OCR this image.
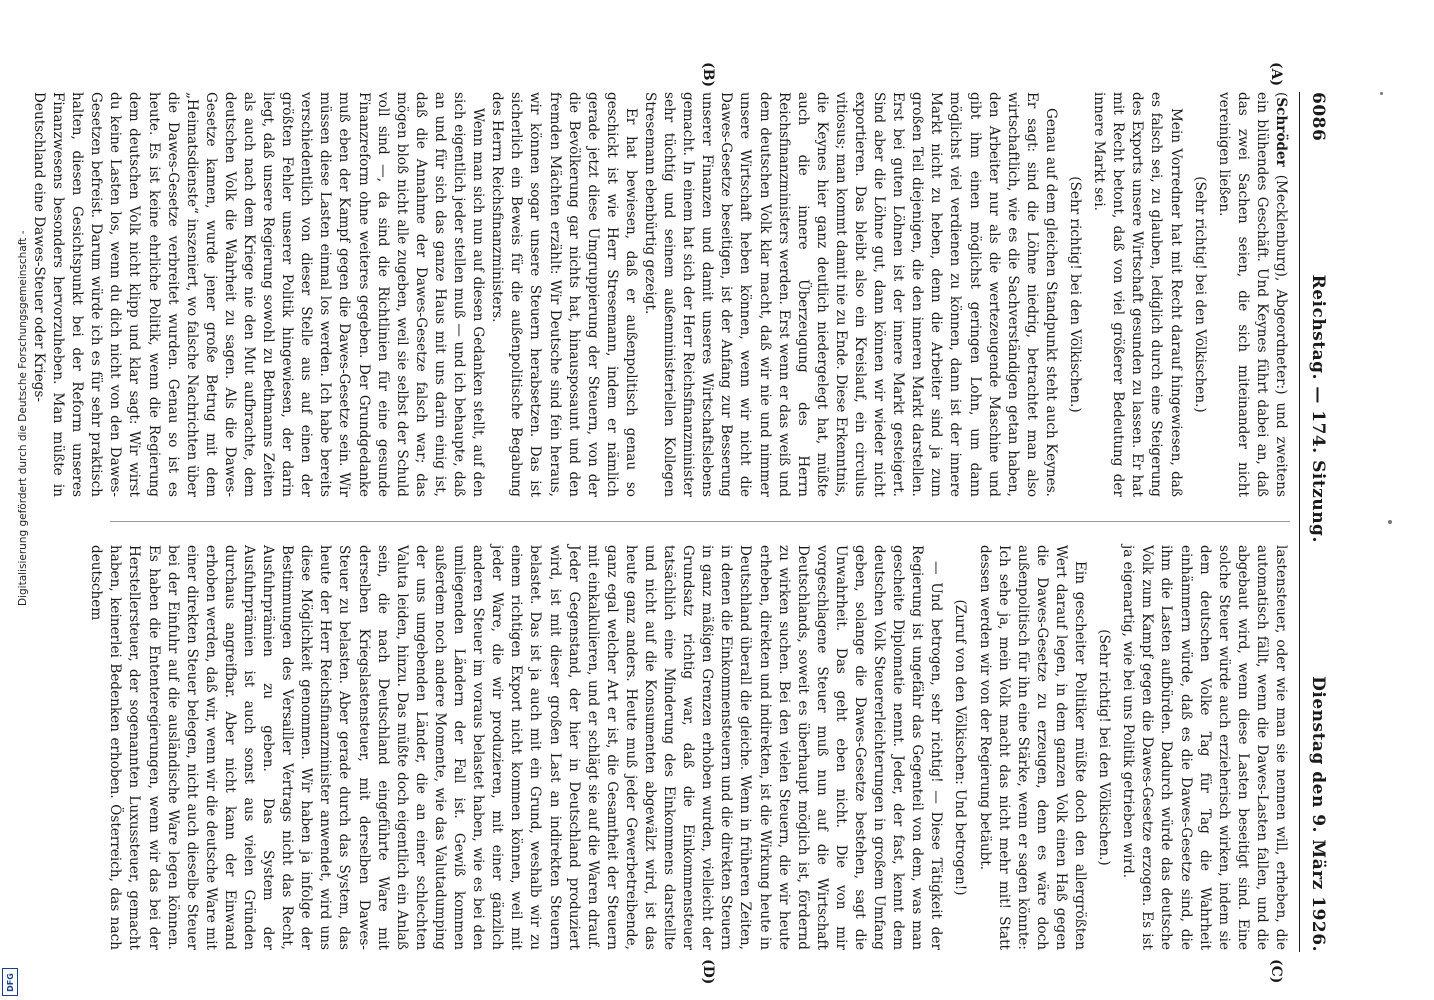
6086
Reichstag. — 174. Sitzung.
Dienstag den 9. März 1926.
(A)
(B)
(C)
(D)

(Schröder (Mecklenburg), Abgeordneter:) und zweitens ein blühendes Geschäft. Und Keynes führt dabei an, daß das zwei Sachen seien, die sich miteinander nicht vereinigen ließen.

(Sehr richtig! bei den Völkischen.)

Mein Vorredner hat mit Recht darauf hingewiesen, daß es falsch sei, zu glauben, lediglich durch eine Steigerung des Exports unsere Wirtschaft gesunden zu lassen. Er hat mit Recht betont, daß von viel größerer Bedeutung der innere Markt sei.

(Sehr richtig! bei den Völkischen.)

Genau auf dem gleichen Standpunkt steht auch Keynes. Er sagt: sind die Löhne niedrig, betrachtet man also wirtschaftlich, wie es die Sachverständigen getan haben, den Arbeiter nur als die wertezeugende Maschine und gibt ihm einen möglichst geringen Lohn, um dann möglichst viel verdienen zu können, dann ist der innere Markt nicht zu heben, denn die Arbeiter sind ja zum großen Teil diejenigen, die den inneren Markt darstellen. Erst bei guten Löhnen ist der innere Markt gesteigert. Sind aber die Löhne gut, dann können wir wieder nicht exportieren. Das bleibt also ein Kreislauf, ein circulus vitiosus; man kommt damit nie zu Ende. Diese Erkenntnis, die Keynes hier ganz deutlich niedergelegt hat, müßte auch die innere Überzeugung des Herrn Reichsfinanzministers werden. Erst wenn er das weiß und dem deutschen Volk klar macht, daß wir nie und nimmer unsere Wirtschaft heben können, wenn wir nicht die Dawes-Gesetze beseitigen, ist der Anfang zur Besserung unserer Finanzen und damit unseres Wirtschaftslebens gemacht. In einem hat sich der Herr Reichsfinanzminister sehr tüchtig und seinem außenministeriellen Kollegen Stresemann ebenbürtig gezeigt.

Er hat bewiesen, daß er außenpolitisch genau so geschickt ist wie Herr Stresemann, indem er nämlich gerade jetzt diese Umgruppierung der Steuern, von der die Bevölkerung gar nichts hat, hinausposaunt und den fremden Mächten erzählt: Wir Deutsche sind fein heraus, wir können sogar unsere Steuern herabsetzen. Das ist sicherlich ein Beweis für die außenpolitische Begabung des Herrn Reichsfinanzministers.

Wenn man sich nun auf diesen Gedanken stellt, auf den sich eigentlich jeder stellen muß — und ich behaupte, daß an und für sich das ganze Haus mit uns darin einig ist, daß die Annahme der Dawes-Gesetze falsch war; das mögen bloß nicht alle zugeben, weil sie selbst der Schuld voll sind —, da sind die Richtlinien für eine gesunde Finanzreform ohne weiteres gegeben. Der Grundgedanke muß eben der Kampf gegen die Dawes-Gesetze sein. Wir müssen diese Lasten einmal los werden. Ich habe bereits verschiedentlich von dieser Stelle aus auf einen der größten Fehler unserer Politik hingewiesen, der darin liegt, daß unsere Regierung sowohl zu Bethmanns Zeiten als auch nach dem Kriege nie den Mut aufbrachte, dem deutschen Volk die Wahrheit zu sagen. Als die Dawes-Gesetze kamen, wurde jener große Betrug mit dem „Heimatsdienste“ inszeniert, wo falsche Nachrichten über die Dawes-Gesetze verbreitet wurden. Genau so ist es heute. Es ist keine ehrliche Politik, wenn die Regierung dem deutschen Volk nicht klipp und klar sagt: Wir wirst du keine Lasten los, wenn du dich nicht von den Dawes-Gesetzen befreist. Darum würde ich es für sehr praktisch halten, diesen Gesichtspunkt bei der Reform unseres Finanzwesens besonders hervorzuheben. Man müßte in Deutschland eine Dawes-Steuer oder Kriegs-

lastensteuer, oder wie man sie nennen will, erheben, die automatisch fällt, wenn die Dawes-Lasten fallen, und die abgebaut wird, wenn diese Lasten beseitigt sind. Eine solche Steuer würde auch erzieherisch wirken, indem sie dem deutschen Volke Tag für Tag die Wahrheit einhämmern würde, daß es die Dawes-Gesetze sind, die ihm die Lasten aufbürden. Dadurch würde das deutsche Volk zum Kampf gegen die Dawes-Gesetze erzogen. Es ist ja eigenartig, wie bei uns Politik getrieben wird.

(Sehr richtig! bei den Völkischen.)

Ein gescheiter Politiker müßte doch den allergrößten Wert darauf legen, in dem ganzen Volk einen Haß gegen die Dawes-Gesetze zu erzeugen, denn es wäre doch außenpolitisch für ihn eine Stärke, wenn er sagen könnte: Ich sehe ja, mein Volk macht das nicht mehr mit! Statt dessen werden wir von der Regierung betäubt.

(Zuruf von den Völkischen: Und betrogen!)

— Und betrogen, sehr richtig! — Diese Tätigkeit der Regierung ist ungefähr das Gegenteil von dem, was man gescheite Diplomatie nennt. Jeder, der fast, kennt dem deutschen Volk Steuererleichterungen in großem Umfang geben, solange die Dawes-Gesetze bestehen, sagt die Unwahrheit. Das geht eben nicht. Die von mir vorgeschlagene Steuer muß nun auf die Wirtschaft Deutschlands, soweit es überhaupt möglich ist, fördernd zu wirken suchen. Bei den vielen Steuern, die wir heute erheben, direkten und indirekten, ist die Wirkung heute in Deutschland überall die gleiche. Wenn in früheren Zeiten, in denen die Einkommensteuern und die direkten Steuern in ganz mäßigen Grenzen erhoben wurden, vielleicht der Grundsatz richtig war, daß die Einkommensteuer tatsächlich eine Minderung des Einkommens darstellte und nicht auf die Konsumenten abgewälzt wird, ist das heute ganz anders. Heute muß jeder Gewerbetreibende, ganz egal welcher Art er ist, die Gesamtheit der Steuern mit einkalkulieren, und er schlägt sie auf die Waren drauf. Jeder Gegenstand, der hier in Deutschland produziert wird, ist mit dieser großen Last an indirekten Steuern belastet. Das ist ja auch mit ein Grund, weshalb wir zu einem richtigen Export nicht kommen können, weil mit jeder Ware, die wir produzieren, mit einer gänzlich anderen Steuer im voraus belastet haben, wie es bei den umliegenden Ländern der Fall ist. Gewiß kommen außerdem noch andere Momente, wie das Valutadumping der uns umgebenden Länder, die an einer schlechten Valuta leiden, hinzu. Das müßte doch eigentlich ein Anlaß sein, die nach Deutschland eingeführte Ware mit derselben Kriegslastensteuer, mit derselben Dawes-Steuer zu belasten. Aber gerade durch das System, das heute der Herr Reichsfinanzminister anwendet, wird uns diese Möglichkeit genommen. Wir haben ja infolge der Bestimmungen des Versailler Vertrags nicht das Recht, Ausfuhrprämien zu geben. Das System der Ausfuhrprämien ist auch sonst aus vielen Gründen durchaus angreifbar. Aber nicht kann der Einwand erhoben werden, daß wir, wenn wir die deutsche Ware mit einer direkten Steuer belegen, nicht auch dieselbe Steuer bei der Einfuhr auf die ausländische Ware legen können. Es haben die Ententeregierungen, wenn wir das bei der Herstellersteuer, der sogenannten Luxussteuer, gemacht haben, keinerlei Bedenken erhoben. Österreich, das nach deutschem

Digitalisierung gefördert durch die Deutsche Forschungsgemeinschaft -
DFG
